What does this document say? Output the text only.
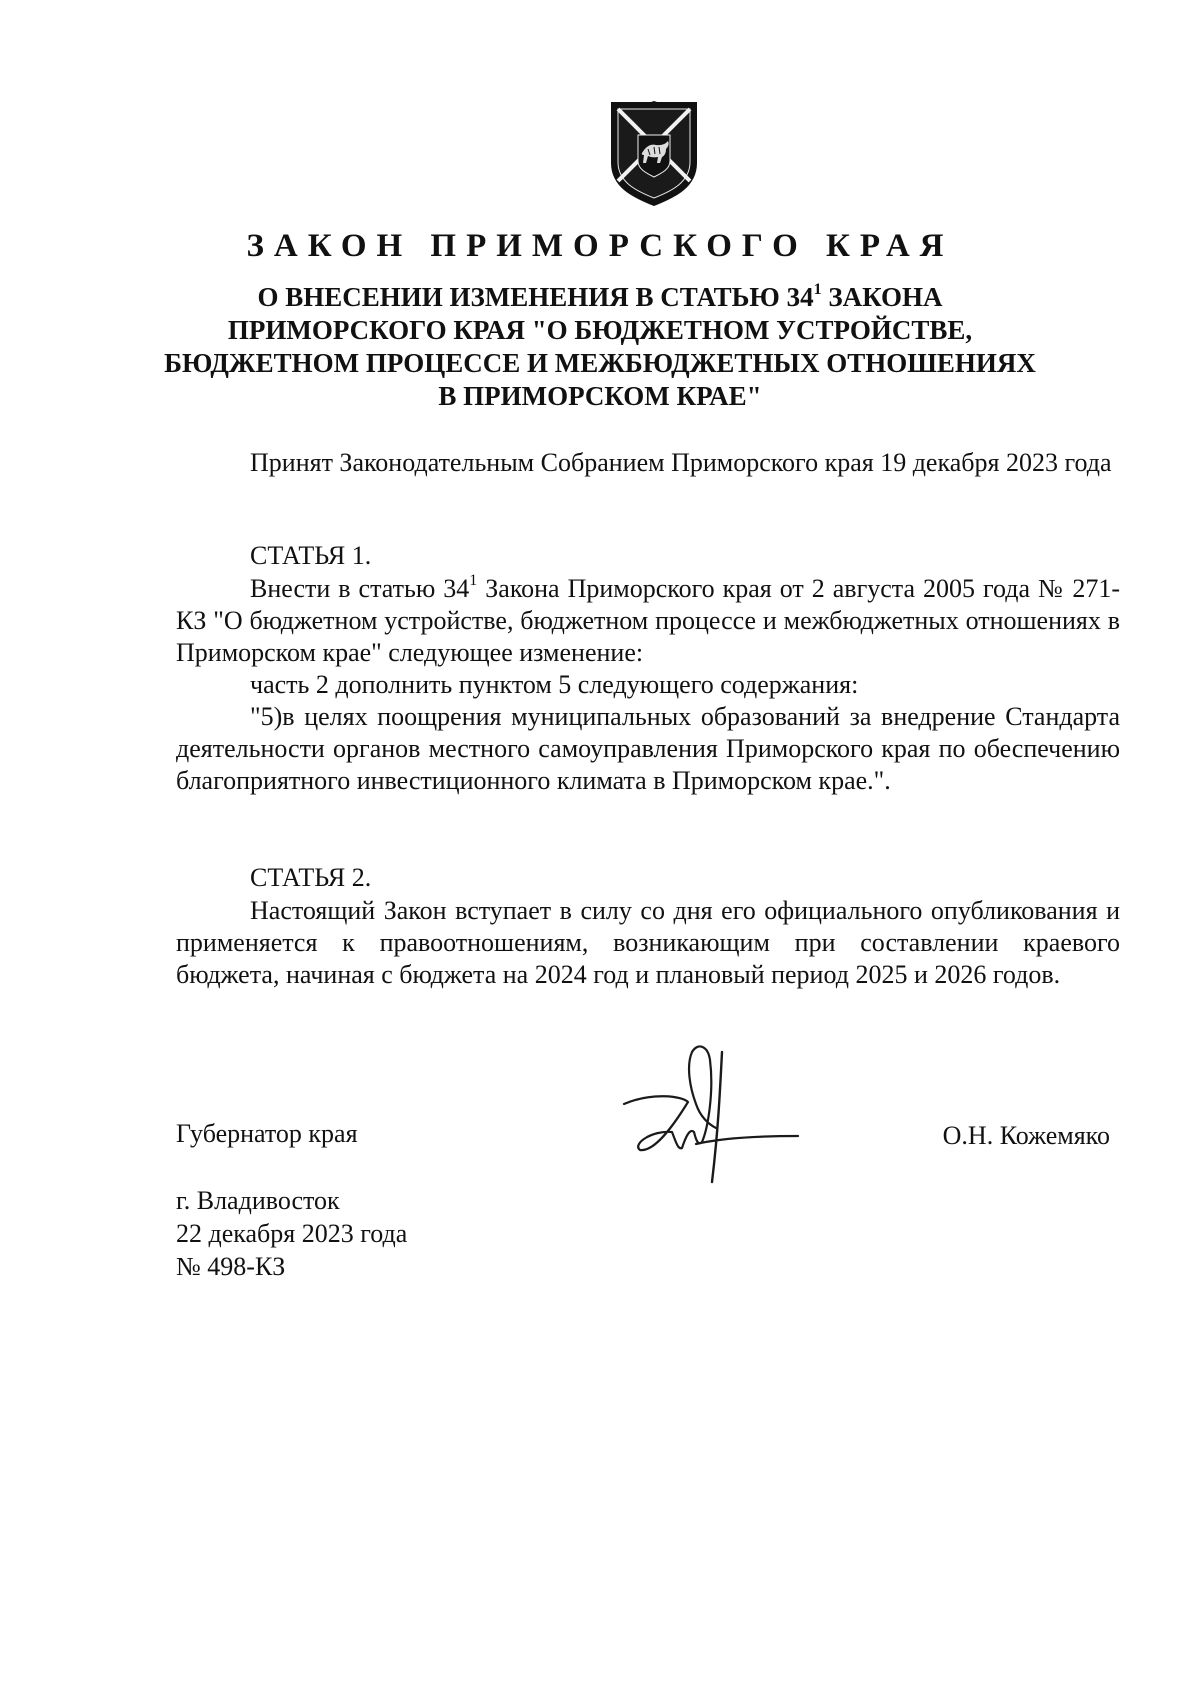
ЗАКОН ПРИМОРСКОГО КРАЯ
О ВНЕСЕНИИ ИЗМЕНЕНИЯ В СТАТЬЮ $34^1$ ЗАКОНА
ПРИМОРСКОГО КРАЯ "О БЮДЖЕТНОМ УСТРОЙСТВЕ,
БЮДЖЕТНОМ ПРОЦЕССЕ И МЕЖБЮДЖЕТНЫХ ОТНОШЕНИЯХ
В ПРИМОРСКОМ КРАЕ"

Принят Законодательным Собранием Приморского края 19 декабря 2023 года

СТАТЬЯ 1.

Внести в статью $34^1$ Закона Приморского края от 2 августа 2005 года № 271-КЗ "О бюджетном устройстве, бюджетном процессе и межбюджетных отношениях в Приморском крае" следующее изменение:

часть 2 дополнить пунктом 5 следующего содержания:

"5)в целях поощрения муниципальных образований за внедрение Стандарта деятельности органов местного самоуправления Приморского края по обеспечению благоприятного инвестиционного климата в Приморском крае.".

СТАТЬЯ 2.

Настоящий Закон вступает в силу со дня его официального опубликования и применяется к правоотношениям, возникающим при составлении краевого бюджета, начиная с бюджета на 2024 год и плановый период 2025 и 2026 годов.

Губернатор края	О.Н. Кожемяко
г. Владивосток
22 декабря 2023 года
№ 498-КЗ
